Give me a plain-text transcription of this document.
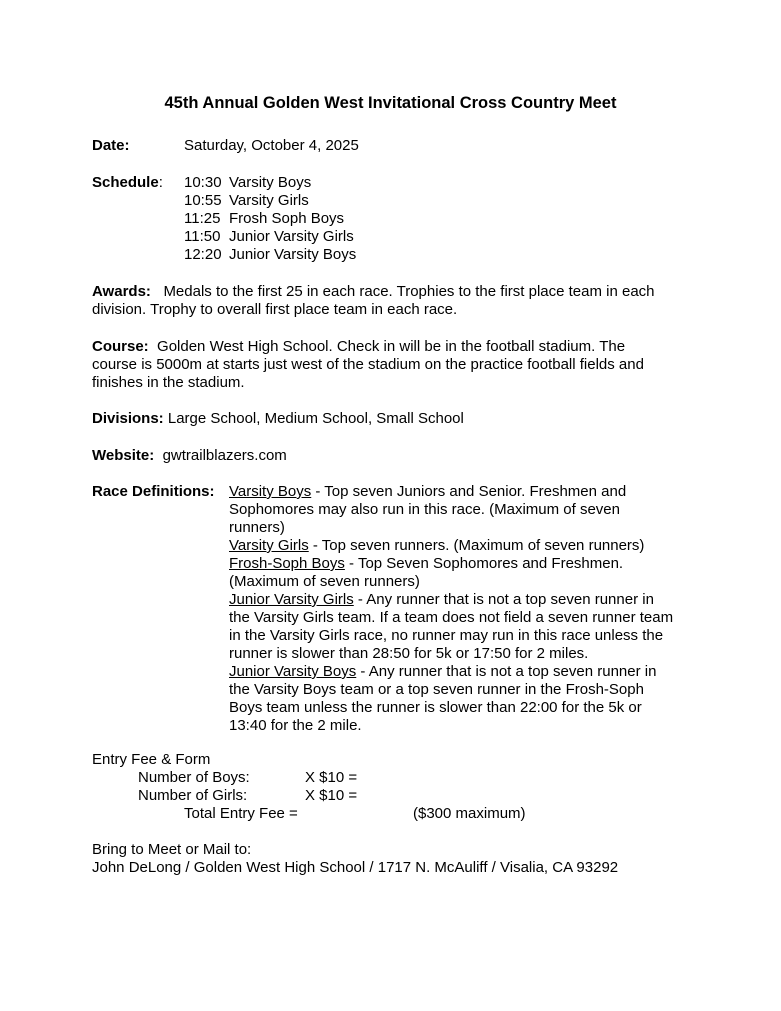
45th Annual Golden West Invitational Cross Country Meet
Date:	Saturday, October 4, 2025
Schedule: 10:30 Varsity Boys
10:55 Varsity Girls
11:25 Frosh Soph Boys
11:50 Junior Varsity Girls
12:20 Junior Varsity Boys
Awards: Medals to the first 25 in each race. Trophies to the first place team in each
division. Trophy to overall first place team in each race.
Course: Golden West High School. Check in will be in the football stadium. The
course is 5000m at starts just west of the stadium on the practice football fields and
finishes in the stadium.
Divisions: Large School, Medium School, Small School
Website: gwtrailblazers.com
Race Definitions: Varsity Boys - Top seven Juniors and Senior. Freshmen and
Sophomores may also run in this race. (Maximum of seven
runners)
Varsity Girls - Top seven runners. (Maximum of seven runners)
Frosh-Soph Boys - Top Seven Sophomores and Freshmen.
(Maximum of seven runners)
Junior Varsity Girls - Any runner that is not a top seven runner in
the Varsity Girls team. If a team does not field a seven runner team
in the Varsity Girls race, no runner may run in this race unless the
runner is slower than 28:50 for 5k or 17:50 for 2 miles.
Junior Varsity Boys - Any runner that is not a top seven runner in
the Varsity Boys team or a top seven runner in the Frosh-Soph
Boys team unless the runner is slower than 22:00 for the 5k or
13:40 for the 2 mile.
Entry Fee & Form
Number of Boys:	X $10 =
Number of Girls:	X $10 =
Total Entry Fee =	($300 maximum)
Bring to Meet or Mail to:
John DeLong / Golden West High School / 1717 N. McAuliff / Visalia, CA 93292
